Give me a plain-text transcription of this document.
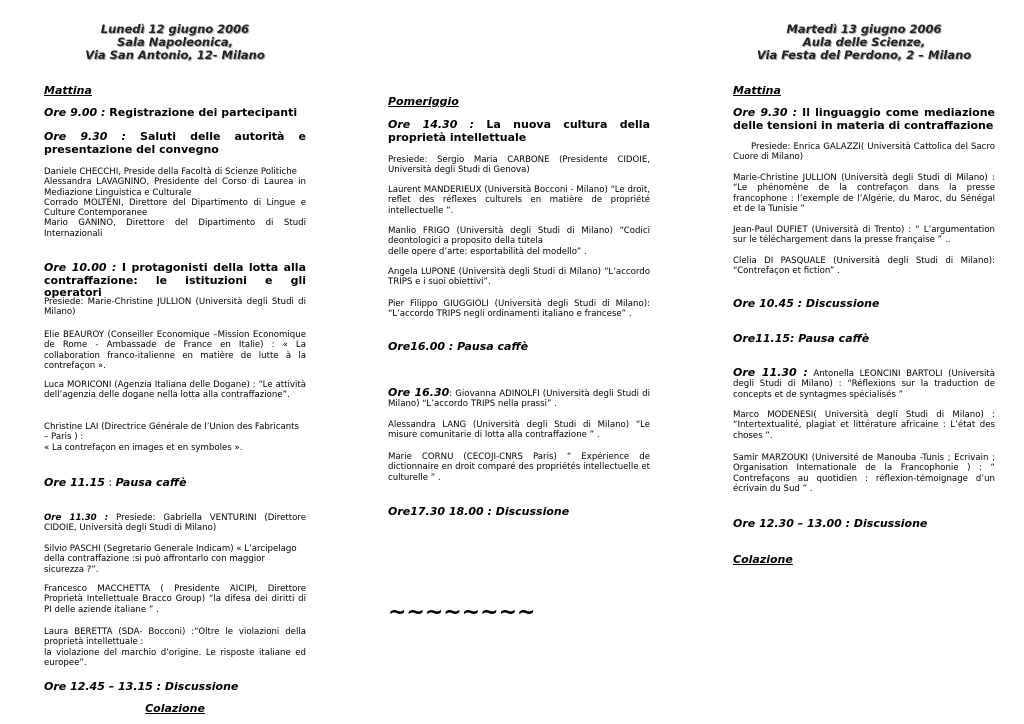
Lunedì 12 giugno 2006
Sala Napoleonica,
Via San Antonio, 12- Milano
Mattina
Ore 9.00 : Registrazione dei partecipanti
Ore 9.30 : Saluti delle autorità e presentazione del convegno
Daniele CHECCHI, Preside della Facoltà di Scienze Politiche
Alessandra LAVAGNINO, Presidente del Corso di Laurea in Mediazione Linguistica e Culturale
Corrado MOLTENI, Direttore del Dipartimento di Lingue e Culture Contemporanee
Mario GANINO, Direttore del Dipartimento di Studi Internazionali
Ore 10.00 : I protagonisti della lotta alla contraffazione: le istituzioni e gli operatori
Presiede: Marie-Christine JULLION (Università degli Studi di Milano)
Elie BEAUROY (Conseiller Economique –Mission Economique de Rome - Ambassade de France en Italie) : « La collaboration franco-italienne en matière de lutte à la contrefaçon ».
Luca MORICONI (Agenzia Italiana delle Dogane) : “Le attività dell’agenzia delle dogane nella lotta alla contraffazione”.
Christine LAI (Directrice Générale de l’Union des Fabricants – Paris ) :
« La contrefaçon en images et en symboles ».
Ore 11.15 : Pausa caffè
Ore 11.30 : Presiede: Gabriella VENTURINI (Direttore CIDOIE, Università degli Studi di Milano)
Silvio PASCHI (Segretario Generale Indicam) « L’arcipelago della contraffazione :si può affrontarlo con maggior sicurezza ?”.
Francesco MACCHETTA ( Presidente AICIPI, Direttore Proprietà Intellettuale Bracco Group) “la difesa dei diritti di PI delle aziende italiane ” .
Laura BERETTA (SDA- Bocconi) :“Oltre le violazioni della proprietà intellettuale :
la violazione del marchio d’origine. Le risposte italiane ed europee”.
Ore 12.45 – 13.15 : Discussione
Colazione
Pomeriggio
Ore 14.30 : La nuova cultura della proprietà intellettuale
Presiede: Sergio Maria CARBONE (Presidente CIDOIE, Università degli Studi di Genova)
Laurent MANDERIEUX (Università Bocconi - Milano) “Le droit, reflet des réflexes culturels en matière de propriété intellectuelle ”.
Manlio FRIGO (Università degli Studi di Milano) “Codici deontologici a proposito della tutela
delle opere d’arte: esportabilità del modello” .
Angela LUPONE (Università degli Studi di Milano) “L’accordo TRIPS e i suoi obiettivi”.
Pier Filippo GIUGGIOLI (Università degli Studi di Milano): “L’accordo TRIPS negli ordinamenti italiano e francese” .
Ore16.00 : Pausa caffè
Ore 16.30: Giovanna ADINOLFI (Università degli Studi di Milano) “L’accordo TRIPS nella prassi” .
Alessandra LANG (Università degli Studi di Milano) “Le misure comunitarie di lotta alla contraffazione ” .
Marie CORNU (CECOJI-CNRS Paris) “ Expérience de dictionnaire en droit comparé des propriétés intellectuelle et culturelle ” .
Ore17.30 18.00 : Discussione
~~~~~~~~
Martedì 13 giugno 2006
Aula delle Scienze,
Via Festa del Perdono, 2 – Milano
Mattina
Ore 9.30 : Il linguaggio come mediazione delle tensioni in materia di contraffazione
Presiede: Enrica GALAZZI( Università Cattolica del Sacro Cuore di Milano)
Marie-Christine JULLION (Università degli Studi di Milano) : “Le phénomène de la contrefaçon dans la presse francophone : l’exemple de l’Algérie, du Maroc, du Sénégal et de la Tunisie ”
Jean-Paul DUFIET (Università di Trento) : “ L’argumentation sur le téléchargement dans la presse française ” ..
Clelia DI PASQUALE (Università degli Studi di Milano): “Contrefaçon et fiction” .
Ore 10.45 : Discussione
Ore11.15: Pausa caffè
Ore 11.30 : Antonella LEONCINI BARTOLI (Università degli Studi di Milano) : “Réflexions sur la traduction de concepts et de syntagmes spécialisés ”
Marco MODENESI( Università degli Studi di Milano) : “Intertextualité, plagiat et littérature africaine : L’état des choses ”.
Samir MARZOUKI (Université de Manouba -Tunis ; Ecrivain ; Organisation Internationale de la Francophonie ) : “ Contrefaçons au quotidien : réflexion-témoignage d’un écrivain du Sud ” .
Ore 12.30 – 13.00 : Discussione
Colazione
